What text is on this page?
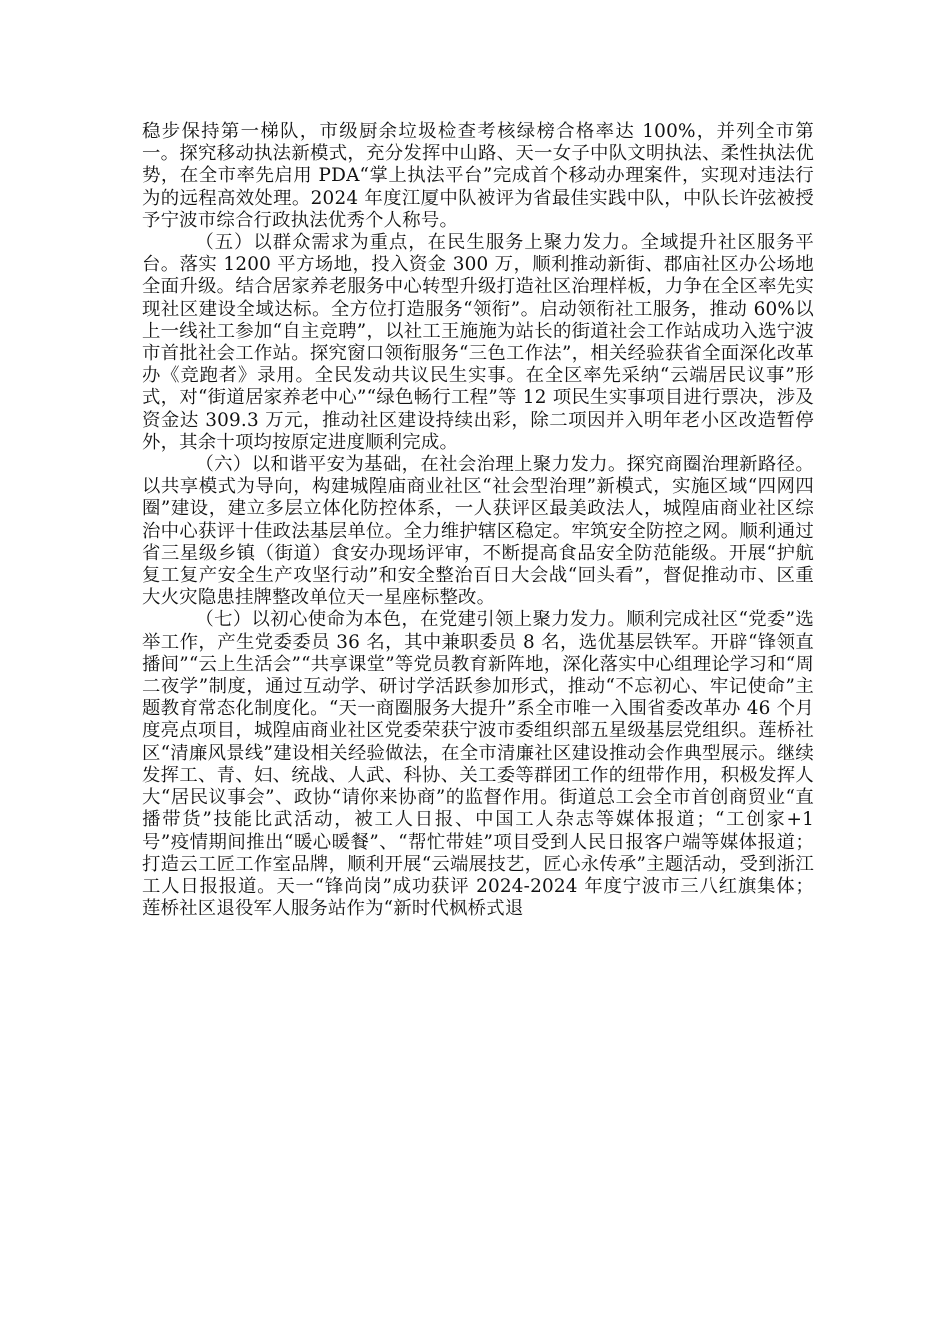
稳步保持第一梯队，市级厨余垃圾检查考核绿榜合格率达 100%，并列全市第一。探究移动执法新模式，充分发挥中山路、天一女子中队文明执法、柔性执法优势，在全市率先启用 PDA“掌上执法平台”完成首个移动办理案件，实现对违法行为的远程高效处理。2024 年度江厦中队被评为省最佳实践中队，中队长许弦被授予宁波市综合行政执法优秀个人称号。

（五）以群众需求为重点，在民生服务上聚力发力。全域提升社区服务平台。落实 1200 平方场地，投入资金 300 万，顺利推动新街、郡庙社区办公场地全面升级。结合居家养老服务中心转型升级打造社区治理样板，力争在全区率先实现社区建设全域达标。全方位打造服务“领衔”。启动领衔社工服务，推动 60%以上一线社工参加“自主竞聘”，以社工王施施为站长的街道社会工作站成功入选宁波市首批社会工作站。探究窗口领衔服务“三色工作法”，相关经验获省全面深化改革办《竞跑者》录用。全民发动共议民生实事。在全区率先采纳“云端居民议事”形式，对“街道居家养老中心”“绿色畅行工程”等 12 项民生实事项目进行票决，涉及资金达 309.3 万元，推动社区建设持续出彩，除二项因并入明年老小区改造暂停外，其余十项均按原定进度顺利完成。

（六）以和谐平安为基础，在社会治理上聚力发力。探究商圈治理新路径。以共享模式为导向，构建城隍庙商业社区“社会型治理”新模式，实施区域“四网四圈”建设，建立多层立体化防控体系，一人获评区最美政法人，城隍庙商业社区综治中心获评十佳政法基层单位。全力维护辖区稳定。牢筑安全防控之网。顺利通过省三星级乡镇（街道）食安办现场评审，不断提高食品安全防范能级。开展“护航复工复产安全生产攻坚行动”和安全整治百日大会战“回头看”，督促推动市、区重大火灾隐患挂牌整改单位天一星座标整改。

（七）以初心使命为本色，在党建引领上聚力发力。顺利完成社区“党委”选举工作，产生党委委员 36 名，其中兼职委员 8 名，选优基层铁军。开辟“锋领直播间”“云上生活会”“共享课堂”等党员教育新阵地，深化落实中心组理论学习和“周二夜学”制度，通过互动学、研讨学活跃参加形式，推动“不忘初心、牢记使命”主题教育常态化制度化。“天一商圈服务大提升”系全市唯一入围省委改革办 46 个月度亮点项目，城隍庙商业社区党委荣获宁波市委组织部五星级基层党组织。莲桥社区“清廉风景线”建设相关经验做法，在全市清廉社区建设推动会作典型展示。继续发挥工、青、妇、统战、人武、科协、关工委等群团工作的纽带作用，积极发挥人大“居民议事会”、政协“请你来协商”的监督作用。街道总工会全市首创商贸业“直播带货”技能比武活动，被工人日报、中国工人杂志等媒体报道；“工创家+1 号”疫情期间推出“暖心暖餐”、“帮忙带娃”项目受到人民日报客户端等媒体报道；打造云工匠工作室品牌，顺利开展“云端展技艺，匠心永传承”主题活动，受到浙江工人日报报道。天一“锋尚岗”成功获评 2024-2024 年度宁波市三八红旗集体；莲桥社区退役军人服务站作为“新时代枫桥式退
